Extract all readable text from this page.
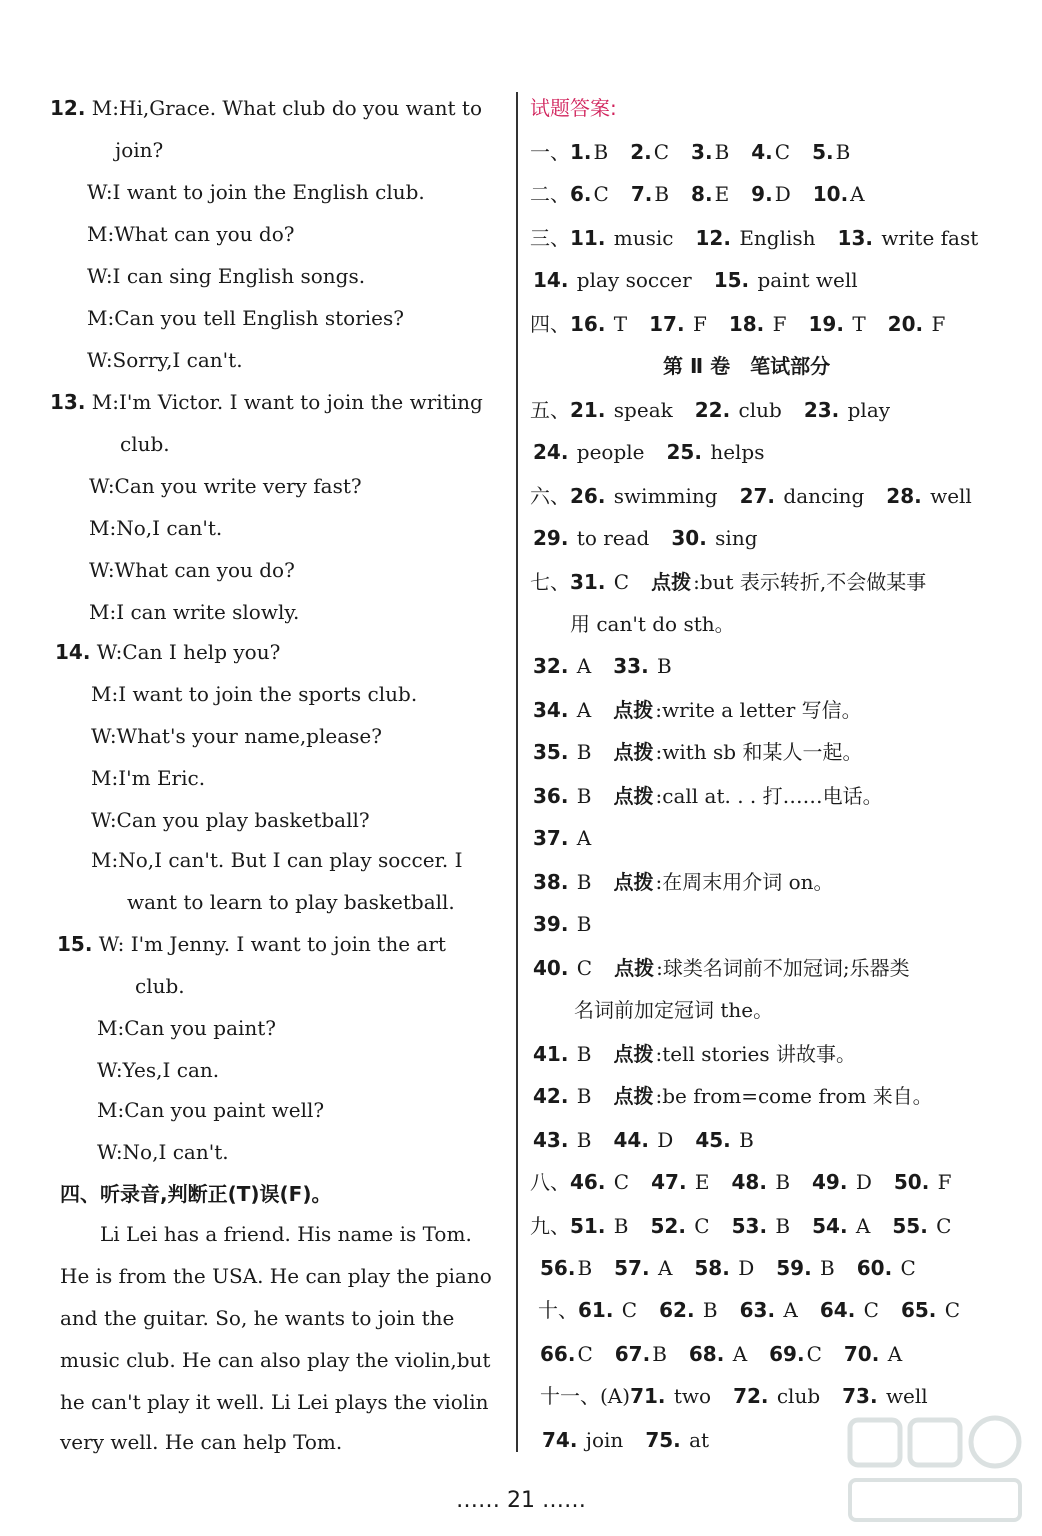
12. M:Hi,Grace. What club do you want to
join?
W:I want to join the English club.
M:What can you do?
W:I can sing English songs.
M:Can you tell English stories?
W:Sorry,I can't.
13. M:I'm Victor. I want to join the writing
club.
W:Can you write very fast?
M:No,I can't.
W:What can you do?
M:I can write slowly.
14. W:Can I help you?
M:I want to join the sports club.
W:What's your name,please?
M:I'm Eric.
W:Can you play basketball?
M:No,I can't. But I can play soccer. I
want to learn to play basketball.
15. W: I'm Jenny. I want to join the art
club.
M:Can you paint?
W:Yes,I can.
M:Can you paint well?
W:No,I can't.
四、听录音,判断正(T)误(F)。
Li Lei has a friend. His name is Tom.
He is from the USA. He can play the piano
and the guitar. So, he wants to join the
music club. He can also play the violin,but
he can't play it well. Li Lei plays the violin
very well. He can help Tom.
试题答案:
一、1. B 2. C 3. B 4. C 5. B
二、6. C 7. B 8. E 9. D 10. A
三、11. music 12. English 13. write fast
14. play soccer 15. paint well
四、16. T 17. F 18. F 19. T 20. F
第 Ⅱ 卷　笔试部分
五、21. speak 22. club 23. play
24. people 25. helps
六、26. swimming 27. dancing 28. well
29. to read 30. sing
七、31. C 点拨 :but 表示转折,不会做某事
用 can't do sth。
32. A 33. B
34. A 点拨 :write a letter 写信。
35. B 点拨 :with sb 和某人一起。
36. B 点拨 :call at. . . 打……电话。
37. A
38. B 点拨 :在周末用介词 on。
39. B
40. C 点拨 :球类名词前不加冠词;乐器类
名词前加定冠词 the。
41. B 点拨 :tell stories 讲故事。
42. B 点拨 :be from=come from 来自。
43. B 44. D 45. B
八、46. C 47. E 48. B 49. D 50. F
九、51. B 52. C 53. B 54. A 55. C
56. B 57. A 58. D 59. B 60. C
十、61. C 62. B 63. A 64. C 65. C
66. C 67. B 68. A 69. C 70. A
十一、(A)71. two 72. club 73. well
74. join 75. at
…… 21 ……
